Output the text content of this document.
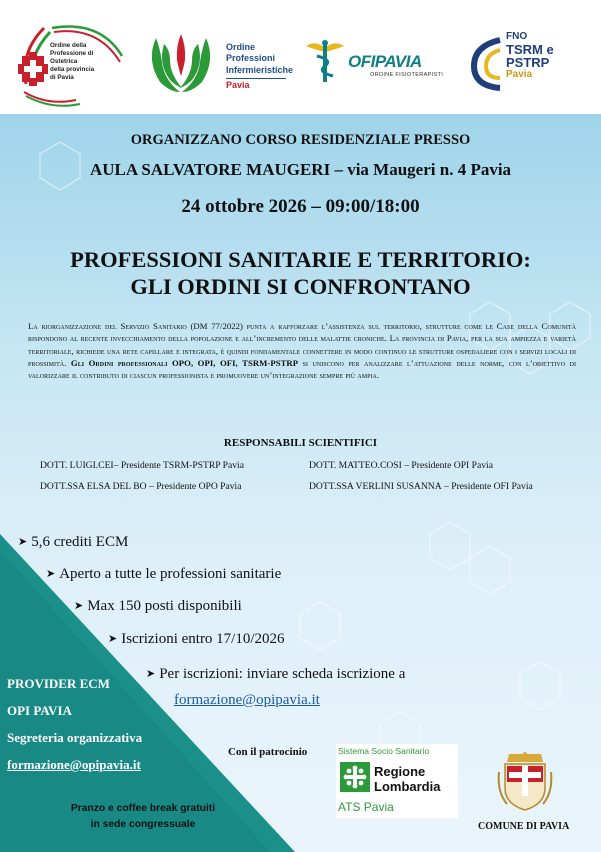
Ordine della
Professione di
Ostetrica
della provincia
di Pavia
Ordine
Professioni
Infermieristiche
Pavia
OFIPAVIA
ORDINE FISIOTERAPISTI
FNO
TSRM e
PSTRP
Pavia
ORGANIZZANO CORSO RESIDENZIALE PRESSO
AULA SALVATORE MAUGERI – via Maugeri n. 4 Pavia
24 ottobre 2026 – 09:00/18:00
PROFESSIONI SANITARIE E TERRITORIO:
GLI ORDINI SI CONFRONTANO
La riorganizzazione del Servizio Sanitario (DM 77/2022) punta a rafforzare l’assistenza sul territorio, strutture come le Case della Comunità rispondono al recente invecchiamento della popolazione e all’incremento delle malattie croniche. La provincia di Pavia, per la sua ampiezza e varietà territoriale, richiede una rete capillare e integrata, è quindi fondamentale connettere in modo continuo le strutture ospedaliere con i servizi locali di prossimità. Gli Ordini professionali OPO, OPI, OFI, TSRM-PSTRP si uniscono per analizzare l’attuazione delle norme, con l’obiettivo di valorizzare il contributo di ciascun professionista e promuovere un’integrazione sempre più ampia.
RESPONSABILI SCIENTIFICI
DOTT. LUIGI.CEI– Presidente TSRM-PSTRP Pavia	DOTT. MATTEO.COSI – Presidente OPI Pavia
DOTT.SSA ELSA DEL BO – Presidente OPO Pavia	DOTT.SSA VERLINI SUSANNA – Presidente OFI Pavia
➤ 5,6 crediti ECM
➤ Aperto a tutte le professioni sanitarie
➤ Max 150 posti disponibili
➤ Iscrizioni entro 17/10/2026
➤ Per iscrizioni: inviare scheda iscrizione a
formazione@opipavia.it
PROVIDER ECM
OPI PAVIA
Segreteria organizzativa
formazione@opipavia.it
Pranzo e coffee break gratuiti
in sede congressuale
Con il patrocinio	Sistema Socio Sanitario
Regione
Lombardia
ATS Pavia
COMUNE DI PAVIA
